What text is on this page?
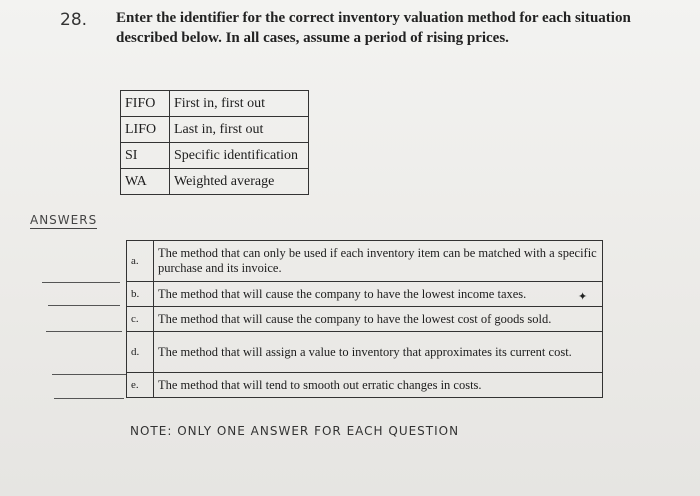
28. Enter the identifier for the correct inventory valuation method for each situation described below. In all cases, assume a period of rising prices.
FIFO	First in, first out
LIFO	Last in, first out
SI	Specific identification
WA	Weighted average
ANSWERS
a.	The method that can only be used if each inventory item can be matched with a specific purchase and its invoice.
b.	The method that will cause the company to have the lowest income taxes.
c.	The method that will cause the company to have the lowest cost of goods sold.
d.	The method that will assign a value to inventory that approximates its current cost.
e.	The method that will tend to smooth out erratic changes in costs.
✦
NOTE: ONLY ONE ANSWER FOR EACH QUESTION
